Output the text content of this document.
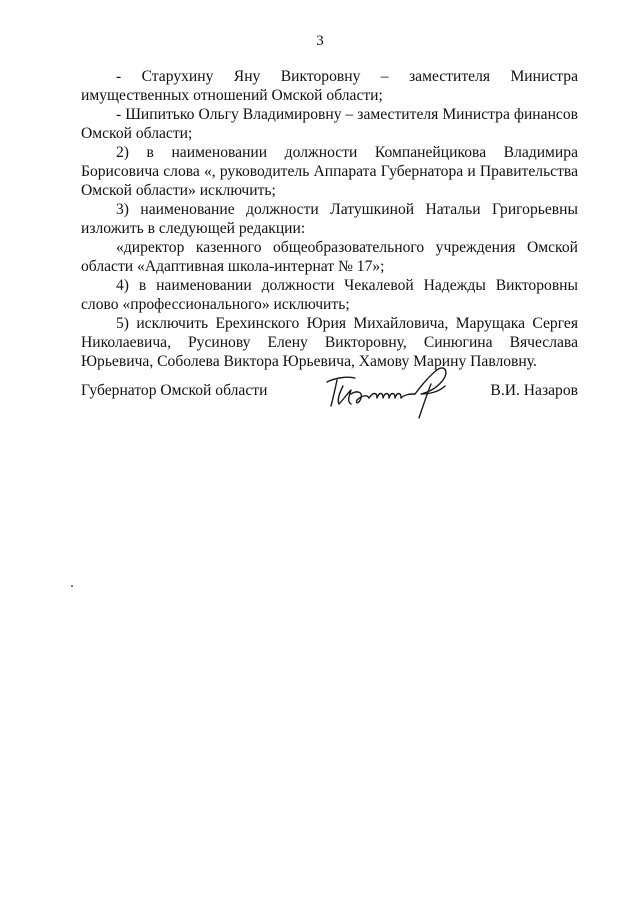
3

- Старухину Яну Викторовну – заместителя Министра имущественных отношений Омской области;

- Шипитько Ольгу Владимировну – заместителя Министра финансов Омской области;

2) в наименовании должности Компанейцикова Владимира Борисовича слова «, руководитель Аппарата Губернатора и Правительства Омской области» исключить;

3) наименование должности Латушкиной Натальи Григорьевны изложить в следующей редакции:

«директор казенного общеобразовательного учреждения Омской области «Адаптивная школа-интернат № 17»;

4) в наименовании должности Чекалевой Надежды Викторовны слово «профессионального» исключить;

5) исключить Ерехинского Юрия Михайловича, Марущака Сергея Николаевича, Русинову Елену Викторовну, Синюгина Вячеслава Юрьевича, Соболева Виктора Юрьевича, Хамову Марину Павловну.

Губернатор Омской области	В.И. Назаров
